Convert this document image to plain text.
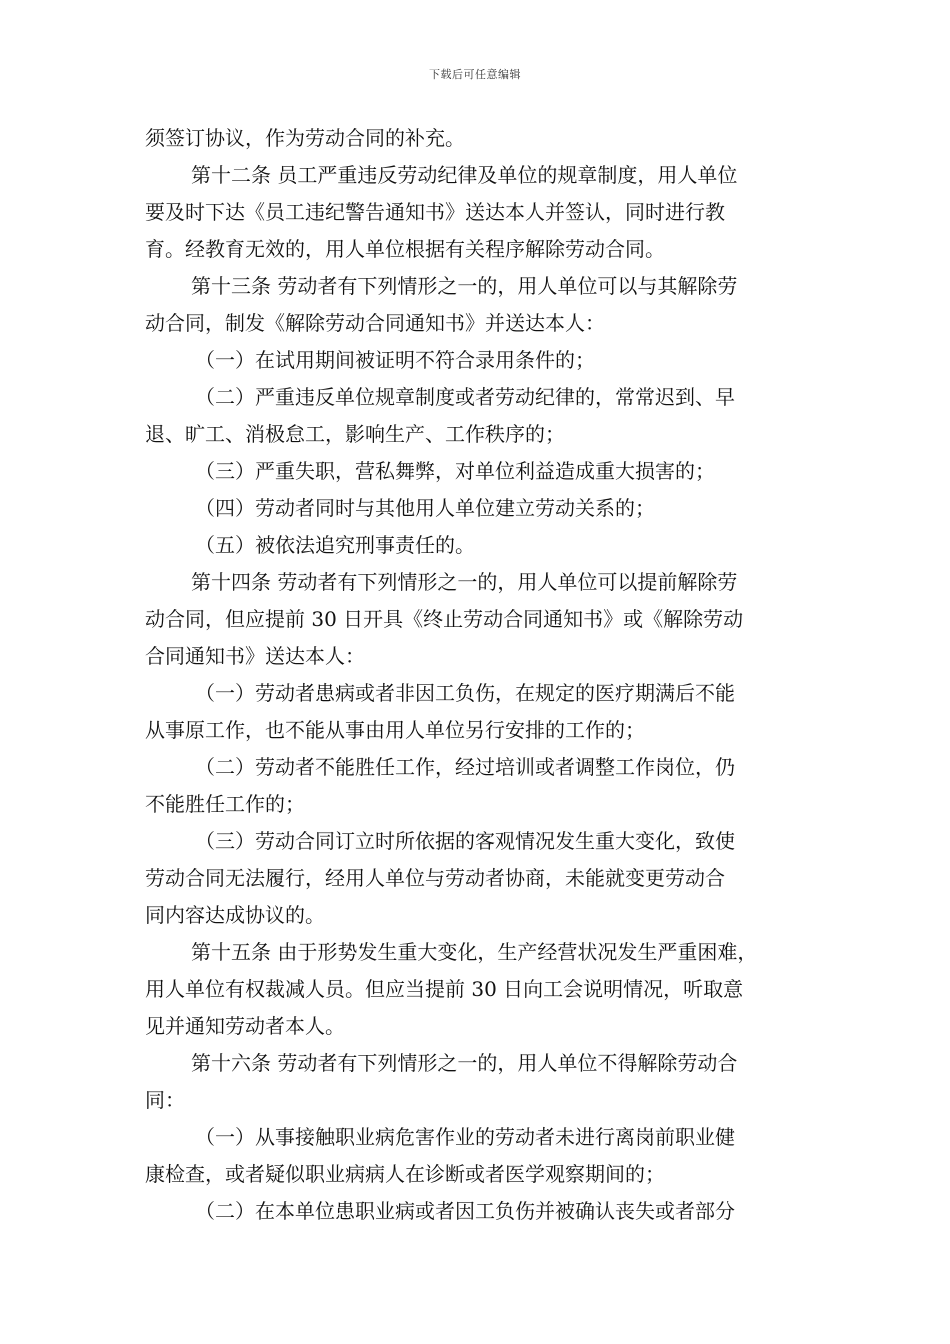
下载后可任意编辑
须签订协议，作为劳动合同的补充。
第十二条 员工严重违反劳动纪律及单位的规章制度，用人单位
要及时下达《员工违纪警告通知书》送达本人并签认，同时进行教
育。经教育无效的，用人单位根据有关程序解除劳动合同。
第十三条 劳动者有下列情形之一的，用人单位可以与其解除劳
动合同，制发《解除劳动合同通知书》并送达本人：
（一）在试用期间被证明不符合录用条件的；
（二）严重违反单位规章制度或者劳动纪律的，常常迟到、早
退、旷工、消极怠工，影响生产、工作秩序的；
（三）严重失职，营私舞弊，对单位利益造成重大损害的；
（四）劳动者同时与其他用人单位建立劳动关系的；
（五）被依法追究刑事责任的。
第十四条 劳动者有下列情形之一的，用人单位可以提前解除劳
动合同，但应提前 30 日开具《终止劳动合同通知书》或《解除劳动
合同通知书》送达本人：
（一）劳动者患病或者非因工负伤，在规定的医疗期满后不能
从事原工作，也不能从事由用人单位另行安排的工作的；
（二）劳动者不能胜任工作，经过培训或者调整工作岗位，仍
不能胜任工作的；
（三）劳动合同订立时所依据的客观情况发生重大变化，致使
劳动合同无法履行，经用人单位与劳动者协商，未能就变更劳动合
同内容达成协议的。
第十五条 由于形势发生重大变化，生产经营状况发生严重困难，
用人单位有权裁减人员。但应当提前 30 日向工会说明情况，听取意
见并通知劳动者本人。
第十六条 劳动者有下列情形之一的，用人单位不得解除劳动合
同：
（一）从事接触职业病危害作业的劳动者未进行离岗前职业健
康检查，或者疑似职业病病人在诊断或者医学观察期间的；
（二）在本单位患职业病或者因工负伤并被确认丧失或者部分
